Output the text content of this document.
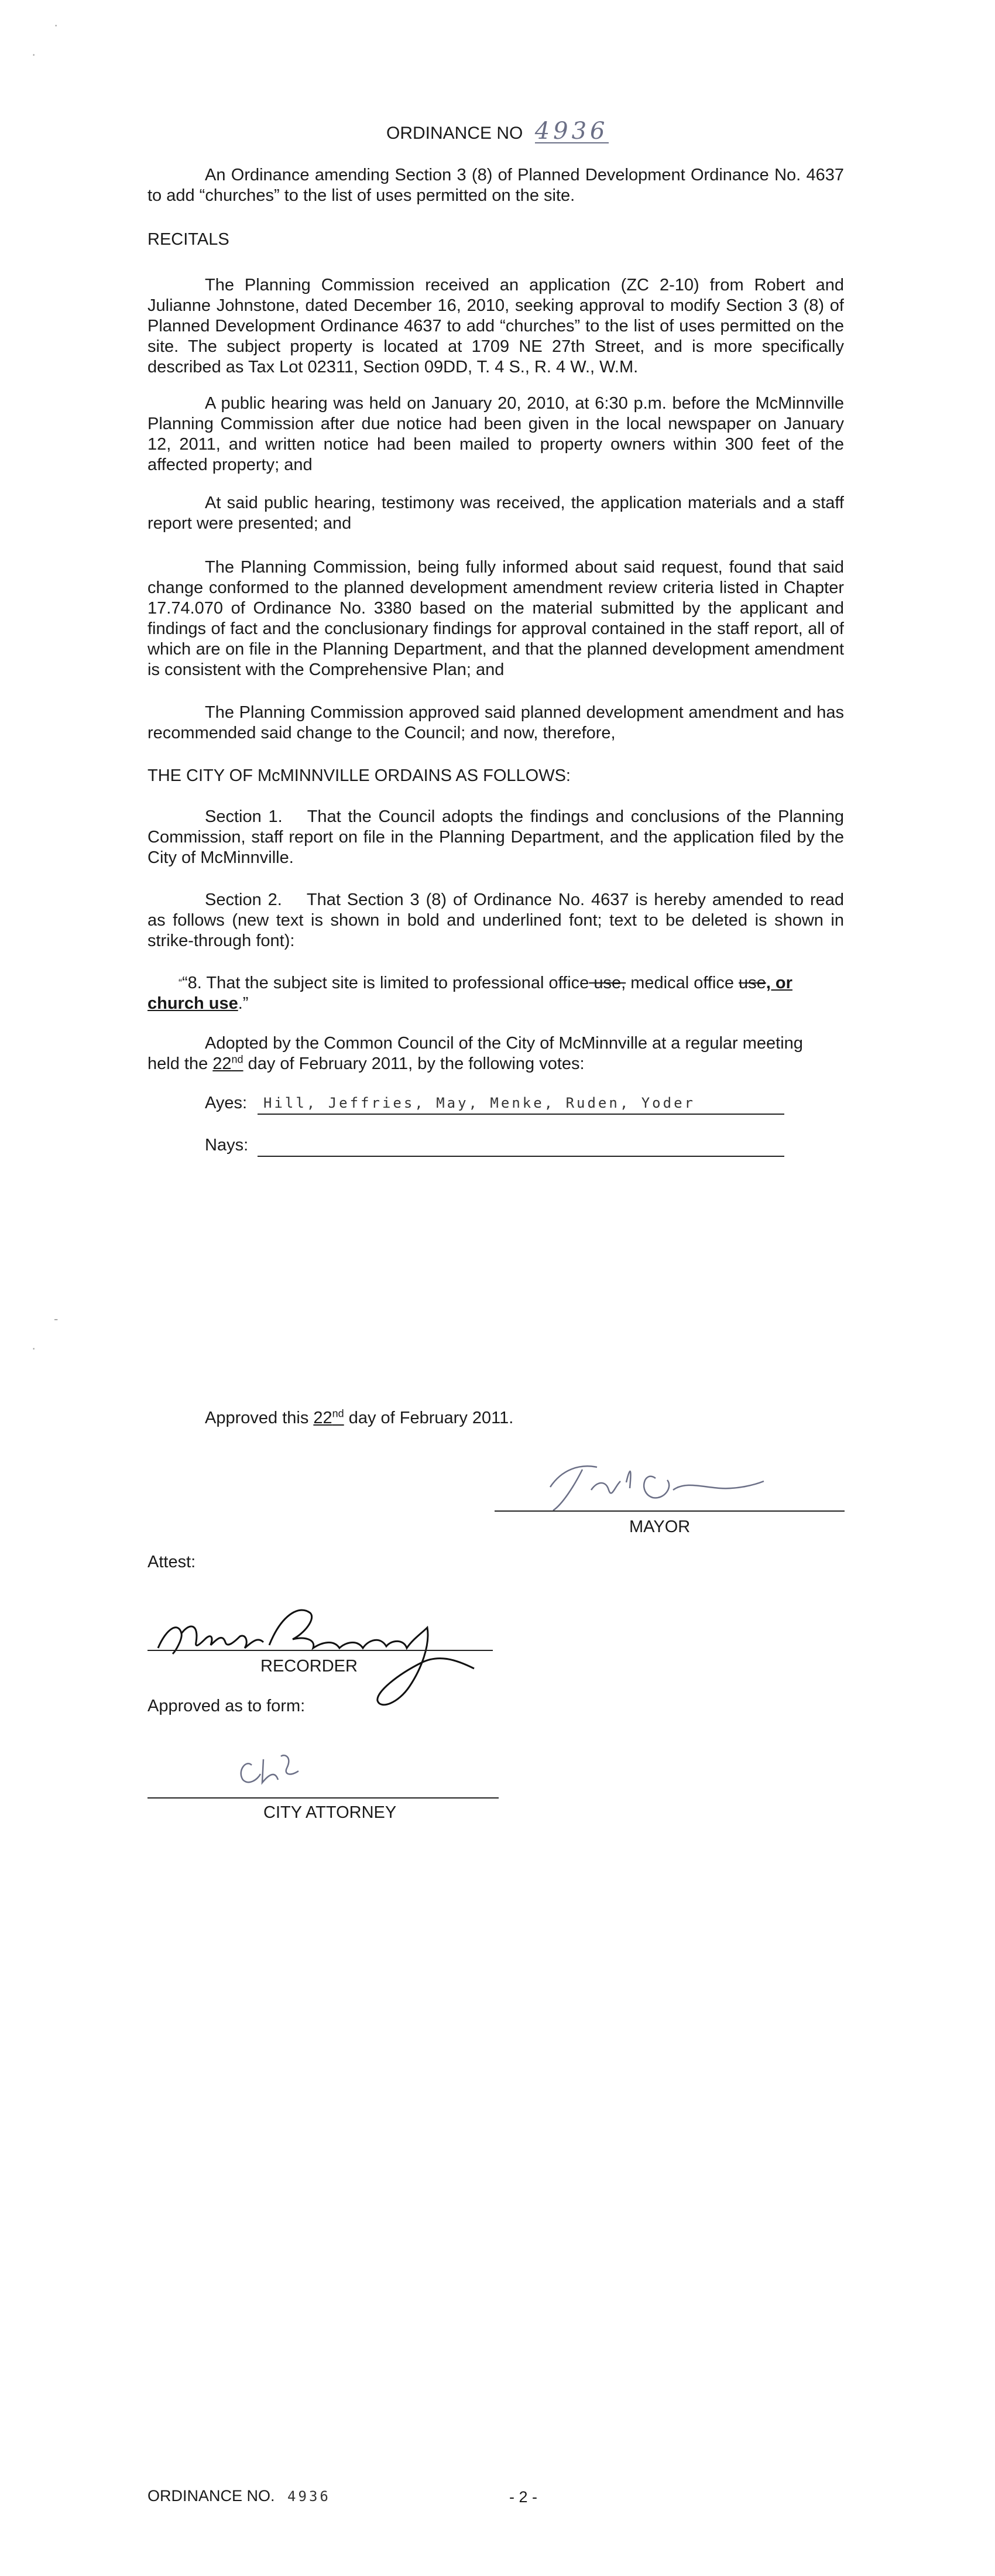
·
·
-
·
ORDINANCE NO 4936
An Ordinance amending Section 3 (8) of Planned Development Ordinance No. 4637 to add “churches” to the list of uses permitted on the site.
RECITALS
The Planning Commission received an application (ZC 2-10) from Robert and Julianne Johnstone, dated December 16, 2010, seeking approval to modify Section 3 (8) of Planned Development Ordinance 4637 to add “churches” to the list of uses permitted on the site. The subject property is located at 1709 NE 27th Street, and is more specifically described as Tax Lot 02311, Section 09DD, T. 4 S., R. 4 W., W.M.
A public hearing was held on January 20, 2010, at 6:30 p.m. before the McMinnville Planning Commission after due notice had been given in the local newspaper on January 12, 2011, and written notice had been mailed to property owners within 300 feet of the affected property; and
At said public hearing, testimony was received, the application materials and a staff report were presented; and
The Planning Commission, being fully informed about said request, found that said change conformed to the planned development amendment review criteria listed in Chapter 17.74.070 of Ordinance No. 3380 based on the material submitted by the applicant and findings of fact and the conclusionary findings for approval contained in the staff report, all of which are on file in the Planning Department, and that the planned development amendment is consistent with the Comprehensive Plan; and
The Planning Commission approved said planned development amendment and has recommended said change to the Council; and now, therefore,
THE CITY OF McMINNVILLE ORDAINS AS FOLLOWS:
Section 1. That the Council adopts the findings and conclusions of the Planning Commission, staff report on file in the Planning Department, and the application filed by the City of McMinnville.
Section 2. That Section 3 (8) of Ordinance No. 4637 is hereby amended to read as follows (new text is shown in bold and underlined font; text to be deleted is shown in strike-through font):
““8. That the subject site is limited to professional office use, medical office use, or
church use.”
Adopted by the Common Council of the City of McMinnville at a regular meeting
held the 22nd day of February 2011, by the following votes:
Ayes:	Hill, Jeffries, May, Menke, Ruden, Yoder
Nays:
Approved this 22nd day of February 2011.
MAYOR
Attest:
RECORDER
Approved as to form:
CITY ATTORNEY
ORDINANCE NO. 4936	- 2 -
